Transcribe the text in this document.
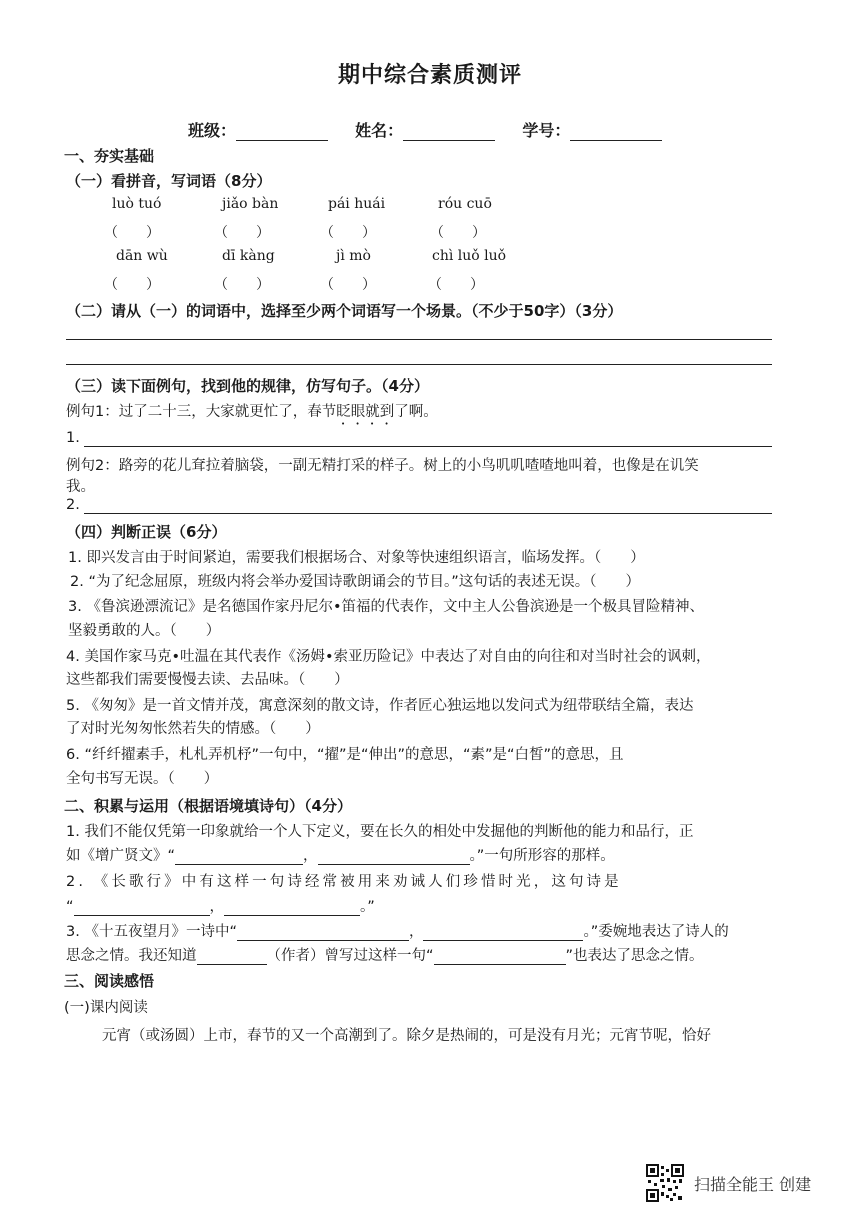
期中综合素质测评
班级：	姓名：	学号：
一、夯实基础
（一）看拼音，写词语（8分）
luò tuó	jiǎo bàn	pái huái	róu cuō
（　　）	（　　）	（　　）	（　　）
dān wù	dī kàng	jì mò	chì luǒ luǒ
（　　）	（　　）	（　　）	（　　）
（二）请从（一）的词语中，选择至少两个词语写一个场景。（不少于50字）（3分）
（三）读下面例句，找到他的规律，仿写句子。（4分）
例句1：过了二十三，大家就更忙了，春节眨眼就到了啊。
1.
例句2：路旁的花儿耷拉着脑袋，一副无精打采的样子。树上的小鸟叽叽喳喳地叫着，也像是在讥笑
我。
2.
（四）判断正误（6分）
1. 即兴发言由于时间紧迫，需要我们根据场合、对象等快速组织语言，临场发挥。（　　）
2. “为了纪念屈原，班级内将会举办爱国诗歌朗诵会的节目。”这句话的表述无误。（　　）
3. 《鲁滨逊漂流记》是名德国作家丹尼尔•笛福的代表作，文中主人公鲁滨逊是一个极具冒险精神、
坚毅勇敢的人。（　　）
4. 美国作家马克•吐温在其代表作《汤姆•索亚历险记》中表达了对自由的向往和对当时社会的讽刺，
这些都我们需要慢慢去读、去品味。（　　）
5. 《匆匆》是一首文情并茂，寓意深刻的散文诗，作者匠心独运地以发问式为纽带联结全篇，表达
了对时光匆匆怅然若失的情感。（　　）
6. “纤纤擢素手，札札弄机杼”一句中，“擢”是“伸出”的意思，“素”是“白皙”的意思，且
全句书写无误。（　　）
二、积累与运用（根据语境填诗句）（4分）
1. 我们不能仅凭第一印象就给一个人下定义，要在长久的相处中发掘他的判断他的能力和品行，正
如《增广贤文》“	，	。”一句所形容的那样。
2. 《长歌行》中有这样一句诗经常被用来劝诫人们珍惜时光，这句诗是
“	，	。”
3. 《十五夜望月》一诗中“	，	。”委婉地表达了诗人的
思念之情。我还知道	（作者）曾写过这样一句“	”也表达了思念之情。
三、阅读感悟
(一)课内阅读
元宵（或汤圆）上市，春节的又一个高潮到了。除夕是热闹的，可是没有月光；元宵节呢，恰好
扫描全能王 创建
